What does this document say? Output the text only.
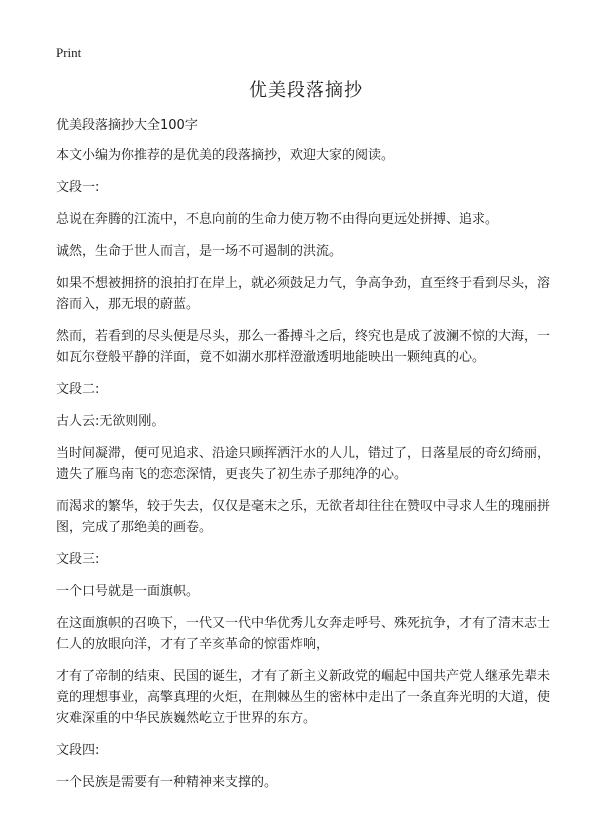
Print
优美段落摘抄

优美段落摘抄大全100字

本文小编为你推荐的是优美的段落摘抄，欢迎大家的阅读。

文段一:

总说在奔腾的江流中，不息向前的生命力使万物不由得向更远处拼搏、追求。

诚然，生命于世人而言，是一场不可遏制的洪流。

如果不想被拥挤的浪拍打在岸上，就必须鼓足力气，争高争劲，直至终于看到尽头，溶溶而入，那无垠的蔚蓝。

然而，若看到的尽头便是尽头，那么一番搏斗之后，终究也是成了波澜不惊的大海，一如瓦尔登般平静的洋面，竟不如湖水那样澄澈透明地能映出一颗纯真的心。

文段二:

古人云:无欲则刚。

当时间凝滞，便可见追求、沿途只顾挥洒汗水的人儿，错过了，日落星辰的奇幻绮丽，遗失了雁鸟南飞的恋恋深情，更丧失了初生赤子那纯净的心。

而渴求的繁华，较于失去，仅仅是毫末之乐，无欲者却往往在赞叹中寻求人生的瑰丽拼图，完成了那绝美的画卷。

文段三:

一个口号就是一面旗帜。

在这面旗帜的召唤下，一代又一代中华优秀儿女奔走呼号、殊死抗争，才有了清末志士仁人的放眼向洋，才有了辛亥革命的惊雷炸响，

才有了帝制的结束、民国的诞生，才有了新主义新政党的崛起中国共产党人继承先辈未竟的理想事业，高擎真理的火炬，在荆棘丛生的密林中走出了一条直奔光明的大道，使灾难深重的中华民族巍然屹立于世界的东方。

文段四:

一个民族是需要有一种精神来支撑的。
